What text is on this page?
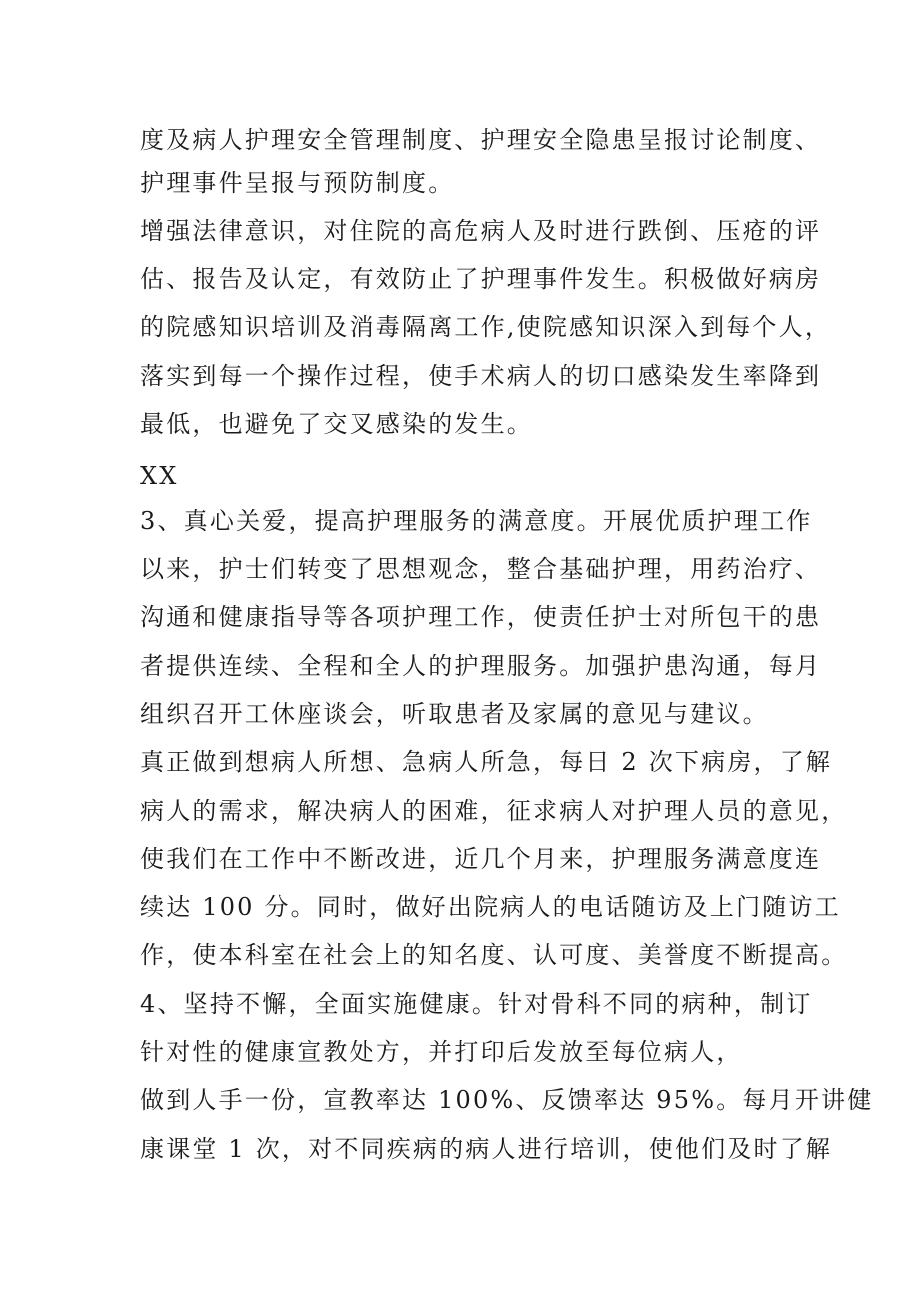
度及病人护理安全管理制度、护理安全隐患呈报讨论制度、
护理事件呈报与预防制度。
增强法律意识，对住院的高危病人及时进行跌倒、压疮的评
估、报告及认定，有效防止了护理事件发生。积极做好病房
的院感知识培训及消毒隔离工作,使院感知识深入到每个人，
落实到每一个操作过程，使手术病人的切口感染发生率降到
最低，也避免了交叉感染的发生。
XX
3、真心关爱，提高护理服务的满意度。开展优质护理工作
以来，护士们转变了思想观念，整合基础护理，用药治疗、
沟通和健康指导等各项护理工作，使责任护士对所包干的患
者提供连续、全程和全人的护理服务。加强护患沟通，每月
组织召开工休座谈会，听取患者及家属的意见与建议。
真正做到想病人所想、急病人所急，每日 2 次下病房，了解
病人的需求，解决病人的困难，征求病人对护理人员的意见，
使我们在工作中不断改进，近几个月来，护理服务满意度连
续达 100 分。同时，做好出院病人的电话随访及上门随访工
作，使本科室在社会上的知名度、认可度、美誉度不断提高。
4、坚持不懈，全面实施健康。针对骨科不同的病种，制订
针对性的健康宣教处方，并打印后发放至每位病人，
做到人手一份，宣教率达 100%、反馈率达 95%。每月开讲健
康课堂 1 次，对不同疾病的病人进行培训，使他们及时了解
